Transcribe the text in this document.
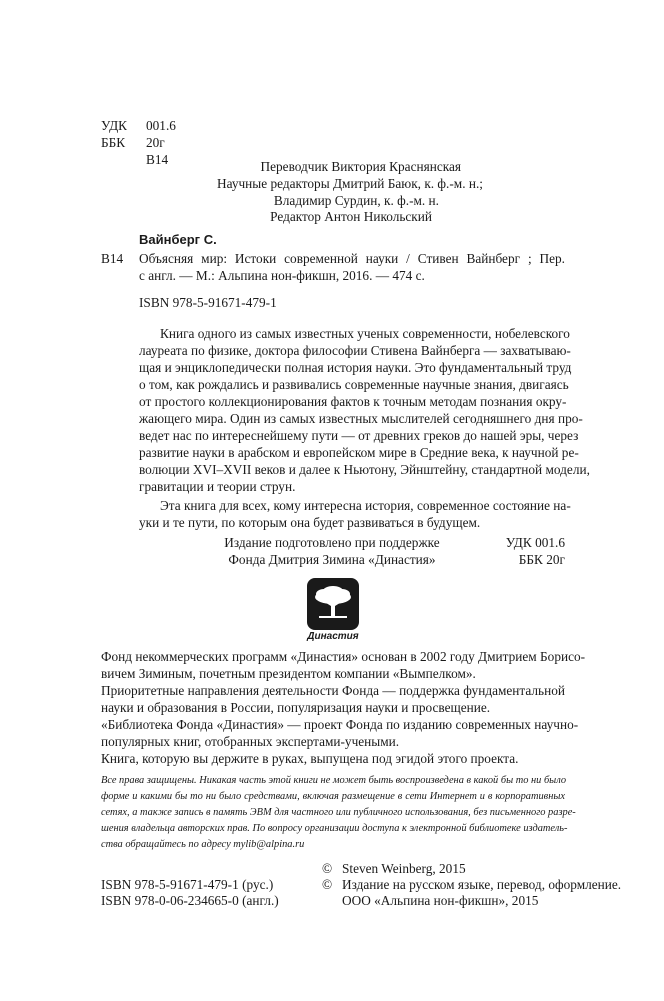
УДК 001.6
ББК 20г
В14	Переводчик Виктория Краснянская
Научные редакторы Дмитрий Баюк, к. ф.-м. н.;
Владимир Сурдин, к. ф.-м. н.
Редактор Антон Никольский
Вайнберг С.
В14 Объясняя мир: Истоки современной науки / Стивен Вайнберг ; Пер.
с англ. — М.: Альпина нон-фикшн, 2016. — 474 с.
ISBN 978-5-91671-479-1
Книга одного из самых известных ученых современности, нобелевского
лауреата по физике, доктора философии Стивена Вайнберга — захватываю-
щая и энциклопедически полная история науки. Это фундаментальный труд
о том, как рождались и развивались современные научные знания, двигаясь
от простого коллекционирования фактов к точным методам познания окру-
жающего мира. Один из самых известных мыслителей сегодняшнего дня про-
ведет нас по интереснейшему пути — от древних греков до нашей эры, через
развитие науки в арабском и европейском мире в Средние века, к научной ре-
волюции XVI–XVII веков и далее к Ньютону, Эйнштейну, стандартной модели,
гравитации и теории струн.
Эта книга для всех, кому интересна история, современное состояние на-
уки и те пути, по которым она будет развиваться в будущем.
УДК 001.6
ББК 20г
Издание подготовлено при поддержке
Фонда Дмитрия Зимина «Династия»
Династия
Фонд некоммерческих программ «Династия» основан в 2002 году Дмитрием Борисо-
вичем Зиминым, почетным президентом компании «Вымпелком».
Приоритетные направления деятельности Фонда — поддержка фундаментальной
науки и образования в России, популяризация науки и просвещение.
«Библиотека Фонда «Династия» — проект Фонда по изданию современных научно-
популярных книг, отобранных экспертами-учеными.
Книга, которую вы держите в руках, выпущена под эгидой этого проекта.
Все права защищены. Никакая часть этой книги не может быть воспроизведена в какой бы то ни было
форме и какими бы то ни было средствами, включая размещение в сети Интернет и в корпоративных
сетях, а также запись в память ЭВМ для частного или публичного использования, без письменного разре-
шения владельца авторских прав. По вопросу организации доступа к электронной библиотеке издатель-
ства обращайтесь по адресу mylib@alpina.ru
ISBN 978-5-91671-479-1 (рус.)
ISBN 978-0-06-234665-0 (англ.)
© Steven Weinberg, 2015
© Издание на русском языке, перевод, оформление.
ООО «Альпина нон-фикшн», 2015
